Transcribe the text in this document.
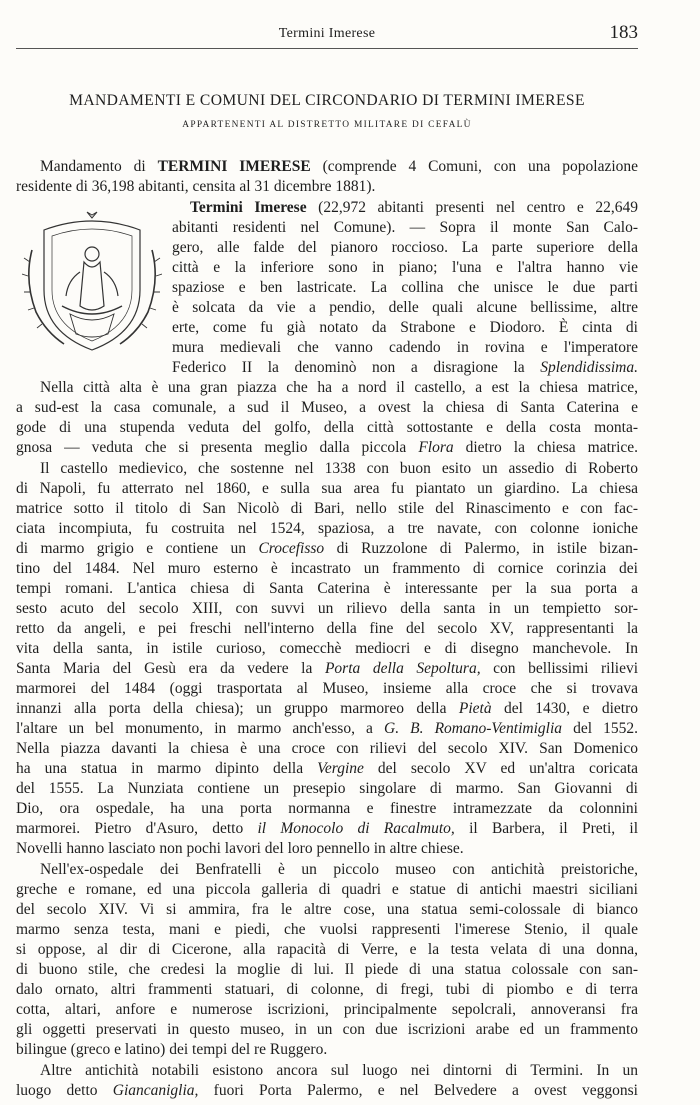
Termini Imerese	183
MANDAMENTI E COMUNI DEL CIRCONDARIO DI TERMINI IMERESE
APPARTENENTI AL DISTRETTO MILITARE DI CEFALÙ
Mandamento di TERMINI IMERESE (comprende 4 Comuni, con una popolazione
residente di 36,198 abitanti, censita al 31 dicembre 1881).
Termini Imerese (22,972 abitanti presenti nel centro e 22,649
abitanti residenti nel Comune). — Sopra il monte San Calo-
gero, alle falde del pianoro roccioso. La parte superiore della
città e la inferiore sono in piano; l'una e l'altra hanno vie
spaziose e ben lastricate. La collina che unisce le due parti
è solcata da vie a pendio, delle quali alcune bellissime, altre
erte, come fu già notato da Strabone e Diodoro. È cinta di
mura medievali che vanno cadendo in rovina e l'imperatore
Federico II la denominò non a disragione la Splendidissima.
Nella città alta è una gran piazza che ha a nord il castello, a est la chiesa matrice,
a sud-est la casa comunale, a sud il Museo, a ovest la chiesa di Santa Caterina e
gode di una stupenda veduta del golfo, della città sottostante e della costa monta-
gnosa — veduta che si presenta meglio dalla piccola Flora dietro la chiesa matrice.
Il castello medievico, che sostenne nel 1338 con buon esito un assedio di Roberto
di Napoli, fu atterrato nel 1860, e sulla sua area fu piantato un giardino. La chiesa
matrice sotto il titolo di San Nicolò di Bari, nello stile del Rinascimento e con fac-
ciata incompiuta, fu costruita nel 1524, spaziosa, a tre navate, con colonne ioniche
di marmo grigio e contiene un Crocefisso di Ruzzolone di Palermo, in istile bizan-
tino del 1484. Nel muro esterno è incastrato un frammento di cornice corinzia dei
tempi romani. L'antica chiesa di Santa Caterina è interessante per la sua porta a
sesto acuto del secolo XIII, con suvvi un rilievo della santa in un tempietto sor-
retto da angeli, e pei freschi nell'interno della fine del secolo XV, rappresentanti la
vita della santa, in istile curioso, comecchè mediocri e di disegno manchevole. In
Santa Maria del Gesù era da vedere la Porta della Sepoltura, con bellissimi rilievi
marmorei del 1484 (oggi trasportata al Museo, insieme alla croce che si trovava
innanzi alla porta della chiesa); un gruppo marmoreo della Pietà del 1430, e dietro
l'altare un bel monumento, in marmo anch'esso, a G. B. Romano-Ventimiglia del 1552.
Nella piazza davanti la chiesa è una croce con rilievi del secolo XIV. San Domenico
ha una statua in marmo dipinto della Vergine del secolo XV ed un'altra coricata
del 1555. La Nunziata contiene un presepio singolare di marmo. San Giovanni di
Dio, ora ospedale, ha una porta normanna e finestre intramezzate da colonnini
marmorei. Pietro d'Asuro, detto il Monocolo di Racalmuto, il Barbera, il Preti, il
Novelli hanno lasciato non pochi lavori del loro pennello in altre chiese.
Nell'ex-ospedale dei Benfratelli è un piccolo museo con antichità preistoriche,
greche e romane, ed una piccola galleria di quadri e statue di antichi maestri siciliani
del secolo XIV. Vi si ammira, fra le altre cose, una statua semi-colossale di bianco
marmo senza testa, mani e piedi, che vuolsi rappresenti l'imerese Stenio, il quale
si oppose, al dir di Cicerone, alla rapacità di Verre, e la testa velata di una donna,
di buono stile, che credesi la moglie di lui. Il piede di una statua colossale con san-
dalo ornato, altri frammenti statuari, di colonne, di fregi, tubi di piombo e di terra
cotta, altari, anfore e numerose iscrizioni, principalmente sepolcrali, annoveransi fra
gli oggetti preservati in questo museo, in un con due iscrizioni arabe ed un frammento
bilingue (greco e latino) dei tempi del re Ruggero.
Altre antichità notabili esistono ancora sul luogo nei dintorni di Termini. In un
luogo detto Giancaniglia, fuori Porta Palermo, e nel Belvedere a ovest veggonsi
